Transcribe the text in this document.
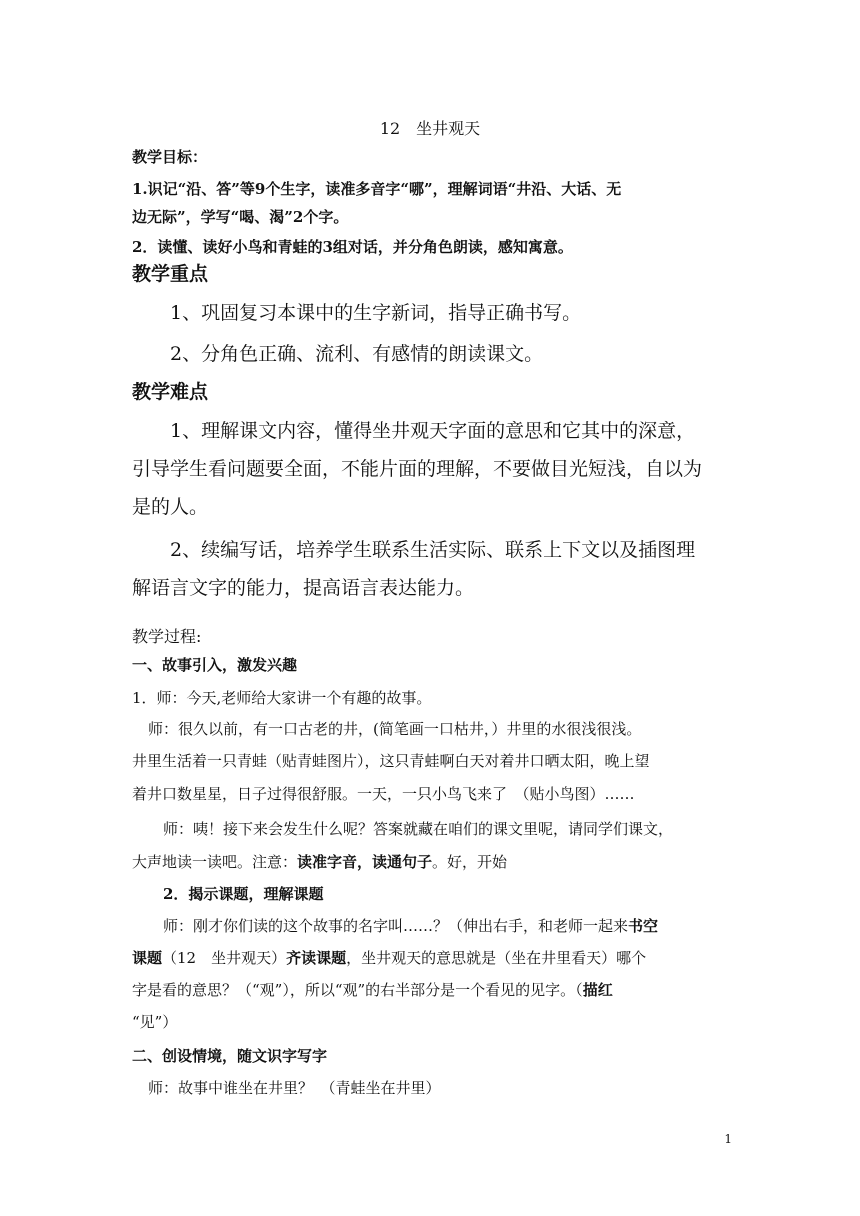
12　坐井观天
教学目标：
1.识记“沿、答”等9个生字，读准多音字“哪”，理解词语“井沿、大话、无
边无际”，学写“喝、渴”2个字。
2．读懂、读好小鸟和青蛙的3组对话，并分角色朗读，感知寓意。
教学重点
1、巩固复习本课中的生字新词，指导正确书写。
2、分角色正确、流利、有感情的朗读课文。
教学难点
1、理解课文内容，懂得坐井观天字面的意思和它其中的深意，
引导学生看问题要全面，不能片面的理解，不要做目光短浅，自以为
是的人。
2、续编写话，培养学生联系生活实际、联系上下文以及插图理
解语言文字的能力，提高语言表达能力。
教学过程:
一、故事引入，激发兴趣
1．师：今天,老师给大家讲一个有趣的故事。
师：很久以前，有一口古老的井，(简笔画一口枯井，）井里的水很浅很浅。
井里生活着一只青蛙（贴青蛙图片），这只青蛙啊白天对着井口晒太阳，晚上望
着井口数星星，日子过得很舒服。一天，一只小鸟飞来了　（贴小鸟图）……
师：咦！接下来会发生什么呢？答案就藏在咱们的课文里呢，请同学们课文，
大声地读一读吧。注意：读准字音，读通句子。好，开始
2．揭示课题，理解课题
师：刚才你们读的这个故事的名字叫……？（伸出右手，和老师一起来书空
课题（12　坐井观天）齐读课题，坐井观天的意思就是（坐在井里看天）哪个
字是看的意思？（“观”），所以“观”的右半部分是一个看见的见字。（描红
“见”）
二、创设情境，随文识字写字
师：故事中谁坐在井里？　（青蛙坐在井里）
1
